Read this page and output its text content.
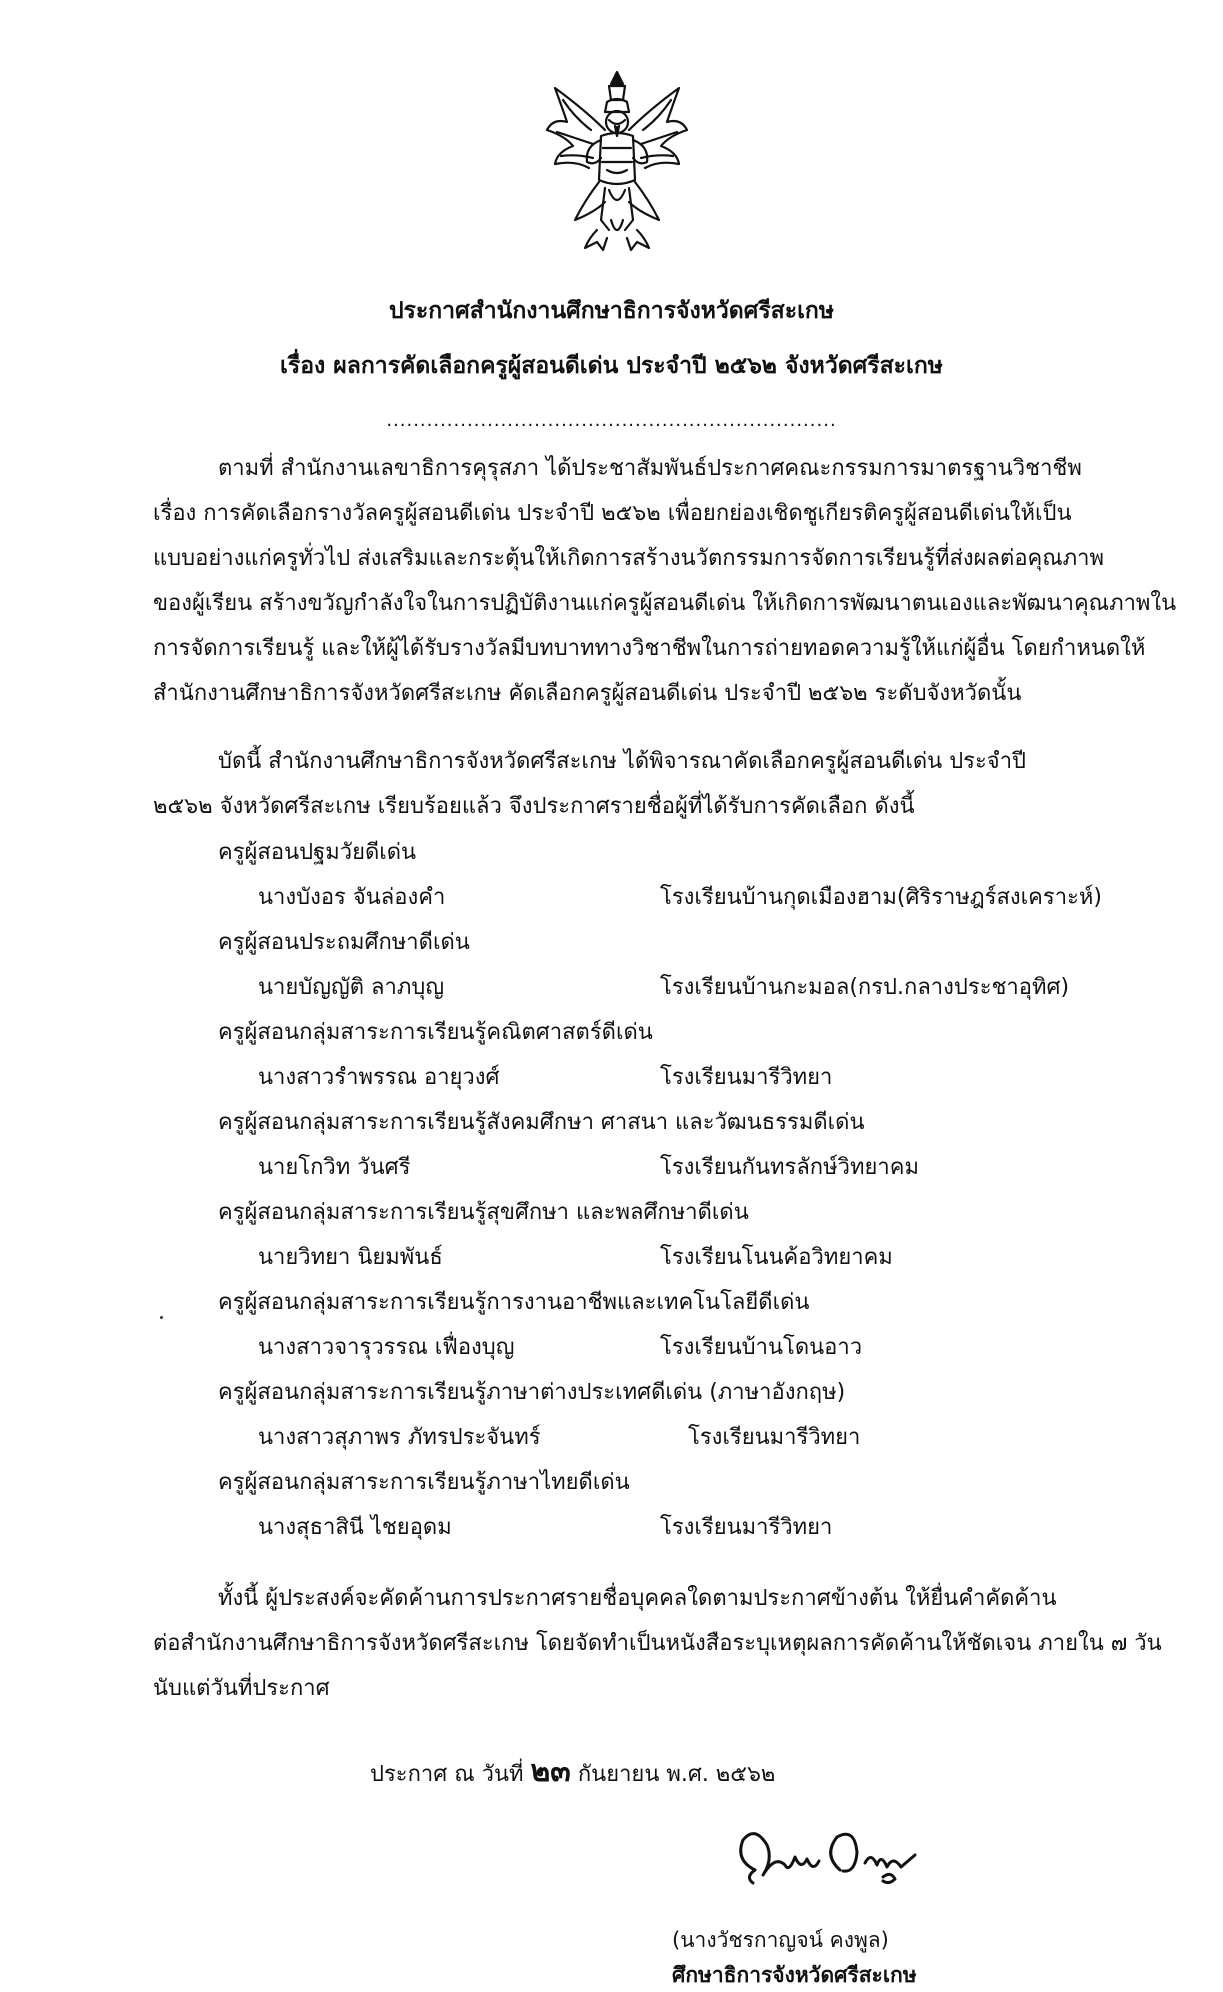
ประกาศสำนักงานศึกษาธิการจังหวัดศรีสะเกษ
เรื่อง ผลการคัดเลือกครูผู้สอนดีเด่น ประจำปี ๒๕๖๒ จังหวัดศรีสะเกษ
...................................................................
ตามที่ สำนักงานเลขาธิการคุรุสภา ได้ประชาสัมพันธ์ประกาศคณะกรรมการมาตรฐานวิชาชีพ
เรื่อง การคัดเลือกรางวัลครูผู้สอนดีเด่น ประจำปี ๒๕๖๒ เพื่อยกย่องเชิดชูเกียรติครูผู้สอนดีเด่นให้เป็น
แบบอย่างแก่ครูทั่วไป ส่งเสริมและกระตุ้นให้เกิดการสร้างนวัตกรรมการจัดการเรียนรู้ที่ส่งผลต่อคุณภาพ
ของผู้เรียน สร้างขวัญกำลังใจในการปฏิบัติงานแก่ครูผู้สอนดีเด่น ให้เกิดการพัฒนาตนเองและพัฒนาคุณภาพใน
การจัดการเรียนรู้ และให้ผู้ได้รับรางวัลมีบทบาททางวิชาชีพในการถ่ายทอดความรู้ให้แก่ผู้อื่น โดยกำหนดให้
สำนักงานศึกษาธิการจังหวัดศรีสะเกษ คัดเลือกครูผู้สอนดีเด่น ประจำปี ๒๕๖๒ ระดับจังหวัดนั้น
บัดนี้ สำนักงานศึกษาธิการจังหวัดศรีสะเกษ ได้พิจารณาคัดเลือกครูผู้สอนดีเด่น ประจำปี
๒๕๖๒ จังหวัดศรีสะเกษ เรียบร้อยแล้ว จึงประกาศรายชื่อผู้ที่ได้รับการคัดเลือก ดังนี้
ครูผู้สอนปฐมวัยดีเด่น
นางบังอร จันล่องคำ	โรงเรียนบ้านกุดเมืองฮาม(ศิริราษฎร์สงเคราะห์)
ครูผู้สอนประถมศึกษาดีเด่น
นายบัญญัติ ลาภบุญ	โรงเรียนบ้านกะมอล(กรป.กลางประชาอุทิศ)
ครูผู้สอนกลุ่มสาระการเรียนรู้คณิตศาสตร์ดีเด่น
นางสาวรำพรรณ อายุวงศ์	โรงเรียนมารีวิทยา
ครูผู้สอนกลุ่มสาระการเรียนรู้สังคมศึกษา ศาสนา และวัฒนธรรมดีเด่น
นายโกวิท วันศรี	โรงเรียนกันทรลักษ์วิทยาคม
ครูผู้สอนกลุ่มสาระการเรียนรู้สุขศึกษา และพลศึกษาดีเด่น
นายวิทยา นิยมพันธ์	โรงเรียนโนนค้อวิทยาคม
ครูผู้สอนกลุ่มสาระการเรียนรู้การงานอาชีพและเทคโนโลยีดีเด่น
นางสาวจารุวรรณ เฟื่องบุญ	โรงเรียนบ้านโดนอาว
ครูผู้สอนกลุ่มสาระการเรียนรู้ภาษาต่างประเทศดีเด่น (ภาษาอังกฤษ)
นางสาวสุภาพร ภัทรประจันทร์	โรงเรียนมารีวิทยา
ครูผู้สอนกลุ่มสาระการเรียนรู้ภาษาไทยดีเด่น
นางสุธาสินี ไชยอุดม	โรงเรียนมารีวิทยา
ทั้งนี้ ผู้ประสงค์จะคัดค้านการประกาศรายชื่อบุคคลใดตามประกาศข้างต้น ให้ยื่นคำคัดค้าน
ต่อสำนักงานศึกษาธิการจังหวัดศรีสะเกษ โดยจัดทำเป็นหนังสือระบุเหตุผลการคัดค้านให้ชัดเจน ภายใน ๗ วัน
นับแต่วันที่ประกาศ
ประกาศ ณ วันที่ ๒๓ กันยายน พ.ศ. ๒๕๖๒
(นางวัชรกาญจน์ คงพูล)
ศึกษาธิการจังหวัดศรีสะเกษ
